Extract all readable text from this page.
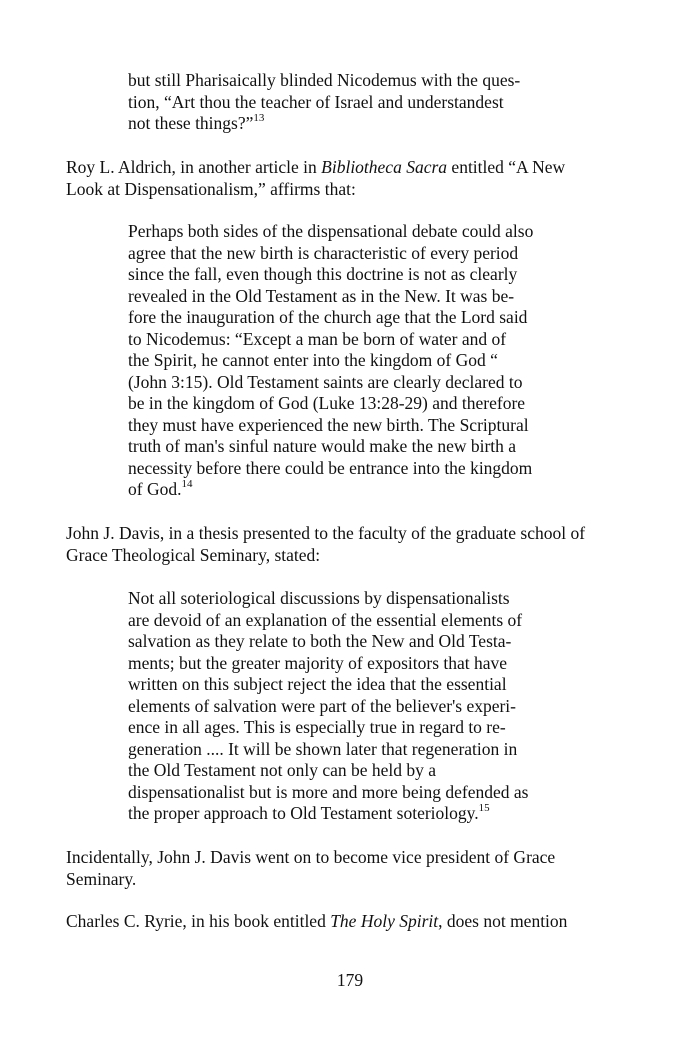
but still Pharisaically blinded Nicodemus with the ques-
tion, “Art thou the teacher of Israel and understandest
not these things?”$^{13}$
Roy L. Aldrich, in another article in Bibliotheca Sacra entitled “A New
Look at Dispensationalism,” affirms that:
Perhaps both sides of the dispensational debate could also
agree that the new birth is characteristic of every period
since the fall, even though this doctrine is not as clearly
revealed in the Old Testament as in the New. It was be-
fore the inauguration of the church age that the Lord said
to Nicodemus: “Except a man be born of water and of
the Spirit, he cannot enter into the kingdom of God “
(John 3:15). Old Testament saints are clearly declared to
be in the kingdom of God (Luke 13:28-29) and therefore
they must have experienced the new birth. The Scriptural
truth of man's sinful nature would make the new birth a
necessity before there could be entrance into the kingdom
of God.$^{14}$
John J. Davis, in a thesis presented to the faculty of the graduate school of
Grace Theological Seminary, stated:
Not all soteriological discussions by dispensationalists
are devoid of an explanation of the essential elements of
salvation as they relate to both the New and Old Testa-
ments; but the greater majority of expositors that have
written on this subject reject the idea that the essential
elements of salvation were part of the believer's experi-
ence in all ages. This is especially true in regard to re-
generation .... It will be shown later that regeneration in
the Old Testament not only can be held by a
dispensationalist but is more and more being defended as
the proper approach to Old Testament soteriology.$^{15}$
Incidentally, John J. Davis went on to become vice president of Grace
Seminary.
Charles C. Ryrie, in his book entitled The Holy Spirit, does not mention
179
